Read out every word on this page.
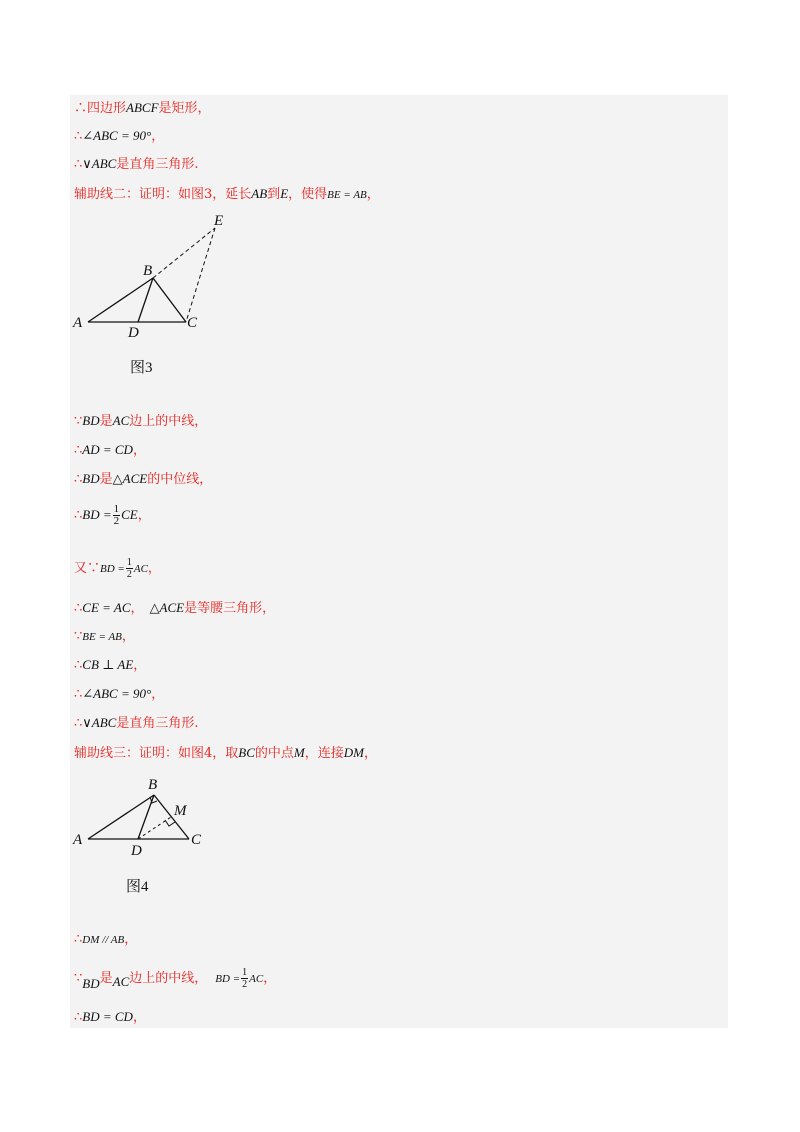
∴四边形ABCF是矩形，
∴∠ABC = 90°，
∴∨ABC是直角三角形.
辅助线二：证明：如图3，延长AB到E，使得BE = AB，
A
B
C
D
E
图3
∵BD是AC边上的中线，
∴AD = CD，
∴BD是△ACE的中位线，
∴BD = $\frac{1}{2}$ CE，
又∵BD = $\frac{1}{2}$ AC，
∴CE = AC， △ACE是等腰三角形，
∵BE = AB，
∴CB ⊥ AE，
∴∠ABC = 90°，
∴∨ABC是直角三角形.
辅助线三：证明：如图4，取BC的中点M，连接DM，
A
B
C
D
M
图4
∴DM // AB，
∵BD是AC边上的中线， BD = $\frac{1}{2}$ AC，
∴BD = CD，
